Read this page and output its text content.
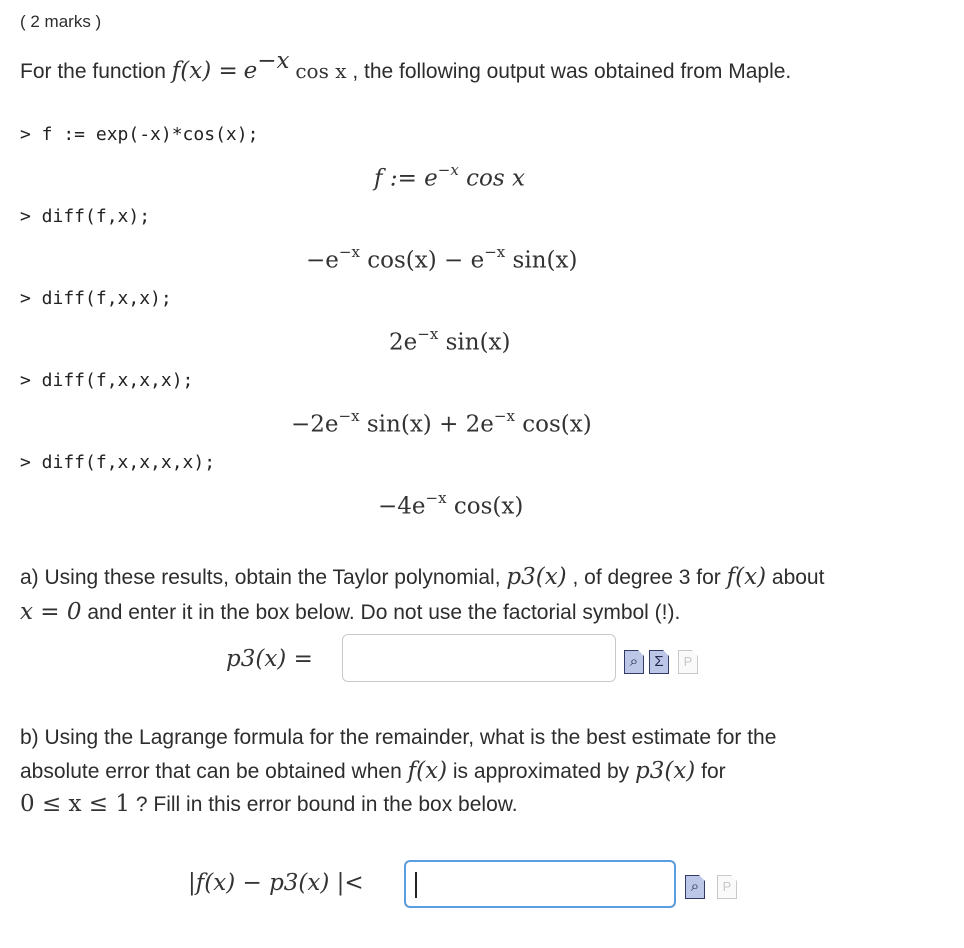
( 2 marks )
For the function $f(x) = e^{-x}$ cos x , the following output was obtained from Maple.
> f := exp(-x)*cos(x);
f := $e^{-x}$ cos x
> diff(f,x);
$-e^{-x}$ $\cos(x) - e^{-x}$ sin(x)
> diff(f,x,x);
$2e^{-x}$ sin(x)
> diff(f,x,x,x);
$-2e^{-x}$ $\sin(x) + 2e^{-x}$ cos(x)
> diff(f,x,x,x,x);
$-4e^{-x}$ cos(x)
a) Using these results, obtain the Taylor polynomial, p3(x) , of degree 3 for f(x) about
x = 0 and enter it in the box below. Do not use the factorial symbol (!).
p3(x) =	⌕	Σ	P
b) Using the Lagrange formula for the remainder, what is the best estimate for the
absolute error that can be obtained when f(x) is approximated by p3(x) for
0 ≤ x ≤ 1 ? Fill in this error bound in the box below.
|f(x) − p3(x) |<	⌕	P
